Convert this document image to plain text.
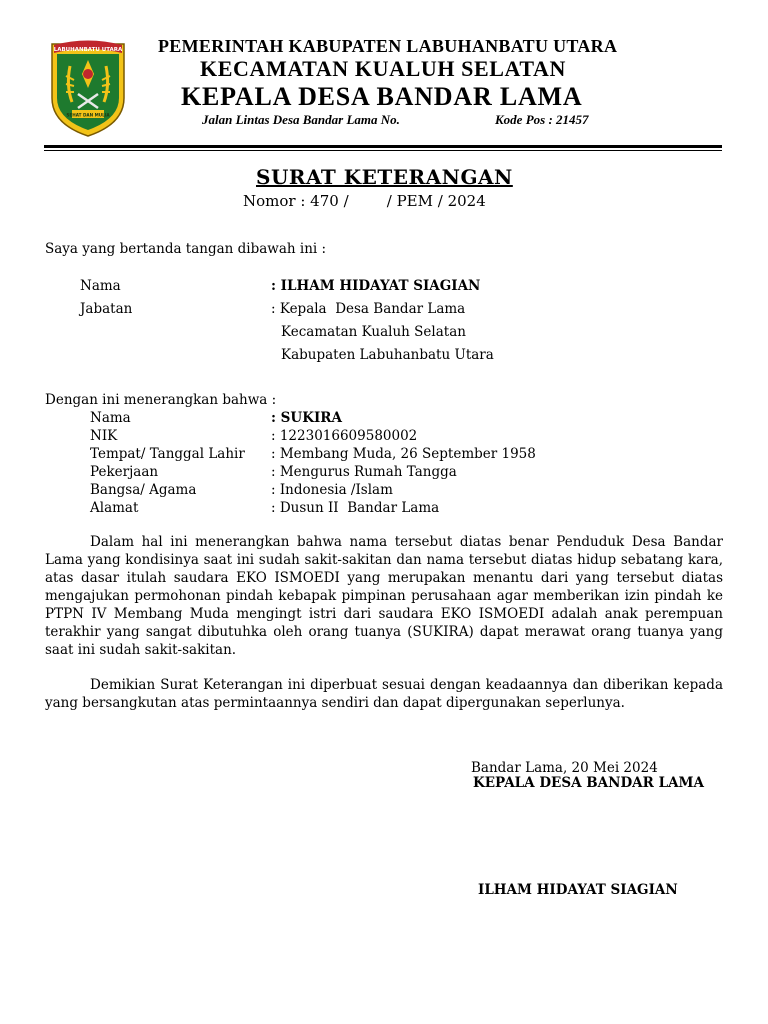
LABUHANBATU UTARA
SEHAT DAN MULIA
PEMERINTAH KABUPATEN LABUHANBATU UTARA
KECAMATAN KUALUH SELATAN
KEPALA DESA BANDAR LAMA
Jalan Lintas Desa Bandar Lama No.	Kode Pos : 21457
SURAT KETERANGAN
Nomor : 470 /        / PEM / 2024
Saya yang bertanda tangan dibawah ini :
Nama	: ILHAM HIDAYAT SIAGIAN
Jabatan	: Kepala  Desa Bandar Lama
Kecamatan Kualuh Selatan
Kabupaten Labuhanbatu Utara
Dengan ini menerangkan bahwa :
Nama	: SUKIRA
NIK	: 1223016609580002
Tempat/ Tanggal Lahir : Membang Muda, 26 September 1958
Pekerjaan	: Mengurus Rumah Tangga
Bangsa/ Agama	: Indonesia /Islam
Alamat	: Dusun II  Bandar Lama

Dalam hal ini menerangkan bahwa nama tersebut diatas benar Penduduk Desa Bandar Lama yang kondisinya saat ini sudah sakit-sakitan dan nama tersebut diatas hidup sebatang kara, atas dasar itulah saudara EKO ISMOEDI yang merupakan menantu dari yang tersebut diatas mengajukan permohonan pindah kebapak pimpinan perusahaan agar memberikan izin pindah ke PTPN IV Membang Muda mengingt istri dari saudara EKO ISMOEDI adalah anak perempuan terakhir yang sangat dibutuhka oleh orang tuanya (SUKIRA) dapat merawat orang tuanya yang saat ini sudah sakit-sakitan.

Demikian Surat Keterangan ini diperbuat sesuai dengan keadaannya dan diberikan kepada yang bersangkutan atas permintaannya sendiri dan dapat dipergunakan seperlunya.

Bandar Lama, 20 Mei 2024
KEPALA DESA BANDAR LAMA
ILHAM HIDAYAT SIAGIAN
